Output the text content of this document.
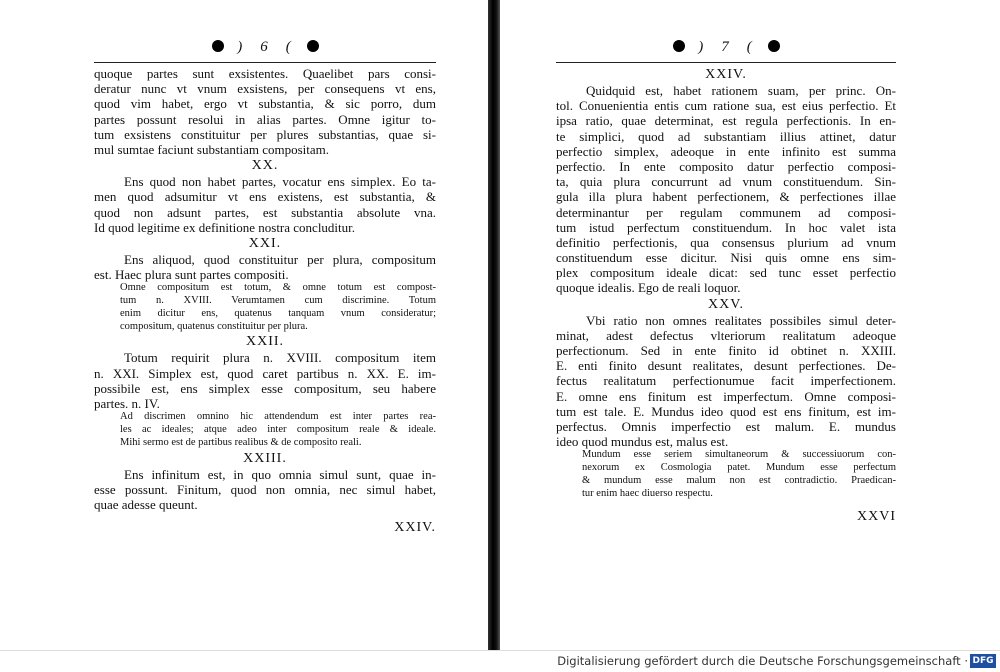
) 6 (
quoque partes sunt exsistentes. Quaelibet pars consi-
deratur nunc vt vnum exsistens, per consequens vt ens,
quod vim habet, ergo vt substantia, & sic porro, dum
partes possunt resolui in alias partes. Omne igitur to-
tum exsistens constituitur per plures substantias, quae si-
mul sumtae faciunt substantiam compositam.
XX.
Ens quod non habet partes, vocatur ens simplex. Eo ta-
men quod adsumitur vt ens existens, est substantia, &
quod non adsunt partes, est substantia absolute vna.
Id quod legitime ex definitione nostra concluditur.
XXI.
Ens aliquod, quod constituitur per plura, compositum
est. Haec plura sunt partes compositi.
Omne compositum est totum, & omne totum est compost-
tum n. XVIII. Verumtamen cum discrimine. Totum
enim dicitur ens, quatenus tanquam vnum consideratur;
compositum, quatenus constituitur per plura.
XXII.
Totum requirit plura n. XVIII. compositum item
n. XXI. Simplex est, quod caret partibus n. XX. E. im-
possibile est, ens simplex esse compositum, seu habere
partes. n. IV.
Ad discrimen omnino hic attendendum est inter partes rea-
les ac ideales; atque adeo inter compositum reale & ideale.
Mihi sermo est de partibus realibus & de composito reali.
XXIII.
Ens infinitum est, in quo omnia simul sunt, quae in-
esse possunt. Finitum, quod non omnia, nec simul habet,
quae adesse queunt.
XXIV.
) 7 (
XXIV.
Quidquid est, habet rationem suam, per princ. On-
tol. Conuenientia entis cum ratione sua, est eius perfectio. Et
ipsa ratio, quae determinat, est regula perfectionis. In en-
te simplici, quod ad substantiam illius attinet, datur
perfectio simplex, adeoque in ente infinito est summa
perfectio. In ente composito datur perfectio composi-
ta, quia plura concurrunt ad vnum constituendum. Sin-
gula illa plura habent perfectionem, & perfectiones illae
determinantur per regulam communem ad composi-
tum istud perfectum constituendum. In hoc valet ista
definitio perfectionis, qua consensus plurium ad vnum
constituendum esse dicitur. Nisi quis omne ens sim-
plex compositum ideale dicat: sed tunc esset perfectio
quoque idealis. Ego de reali loquor.
XXV.
Vbi ratio non omnes realitates possibiles simul deter-
minat, adest defectus vlteriorum realitatum adeoque
perfectionum. Sed in ente finito id obtinet n. XXIII.
E. enti finito desunt realitates, desunt perfectiones. De-
fectus realitatum perfectionumue facit imperfectionem.
E. omne ens finitum est imperfectum. Omne composi-
tum est tale. E. Mundus ideo quod est ens finitum, est im-
perfectus. Omnis imperfectio est malum. E. mundus
ideo quod mundus est, malus est.
Mundum esse seriem simultaneorum & successiuorum con-
nexorum ex Cosmologia patet. Mundum esse perfectum
& mundum esse malum non est contradictio. Praedican-
tur enim haec diuerso respectu.
XXVI
Digitalisierung gefördert durch die Deutsche Forschungsgemeinschaft · DFG
